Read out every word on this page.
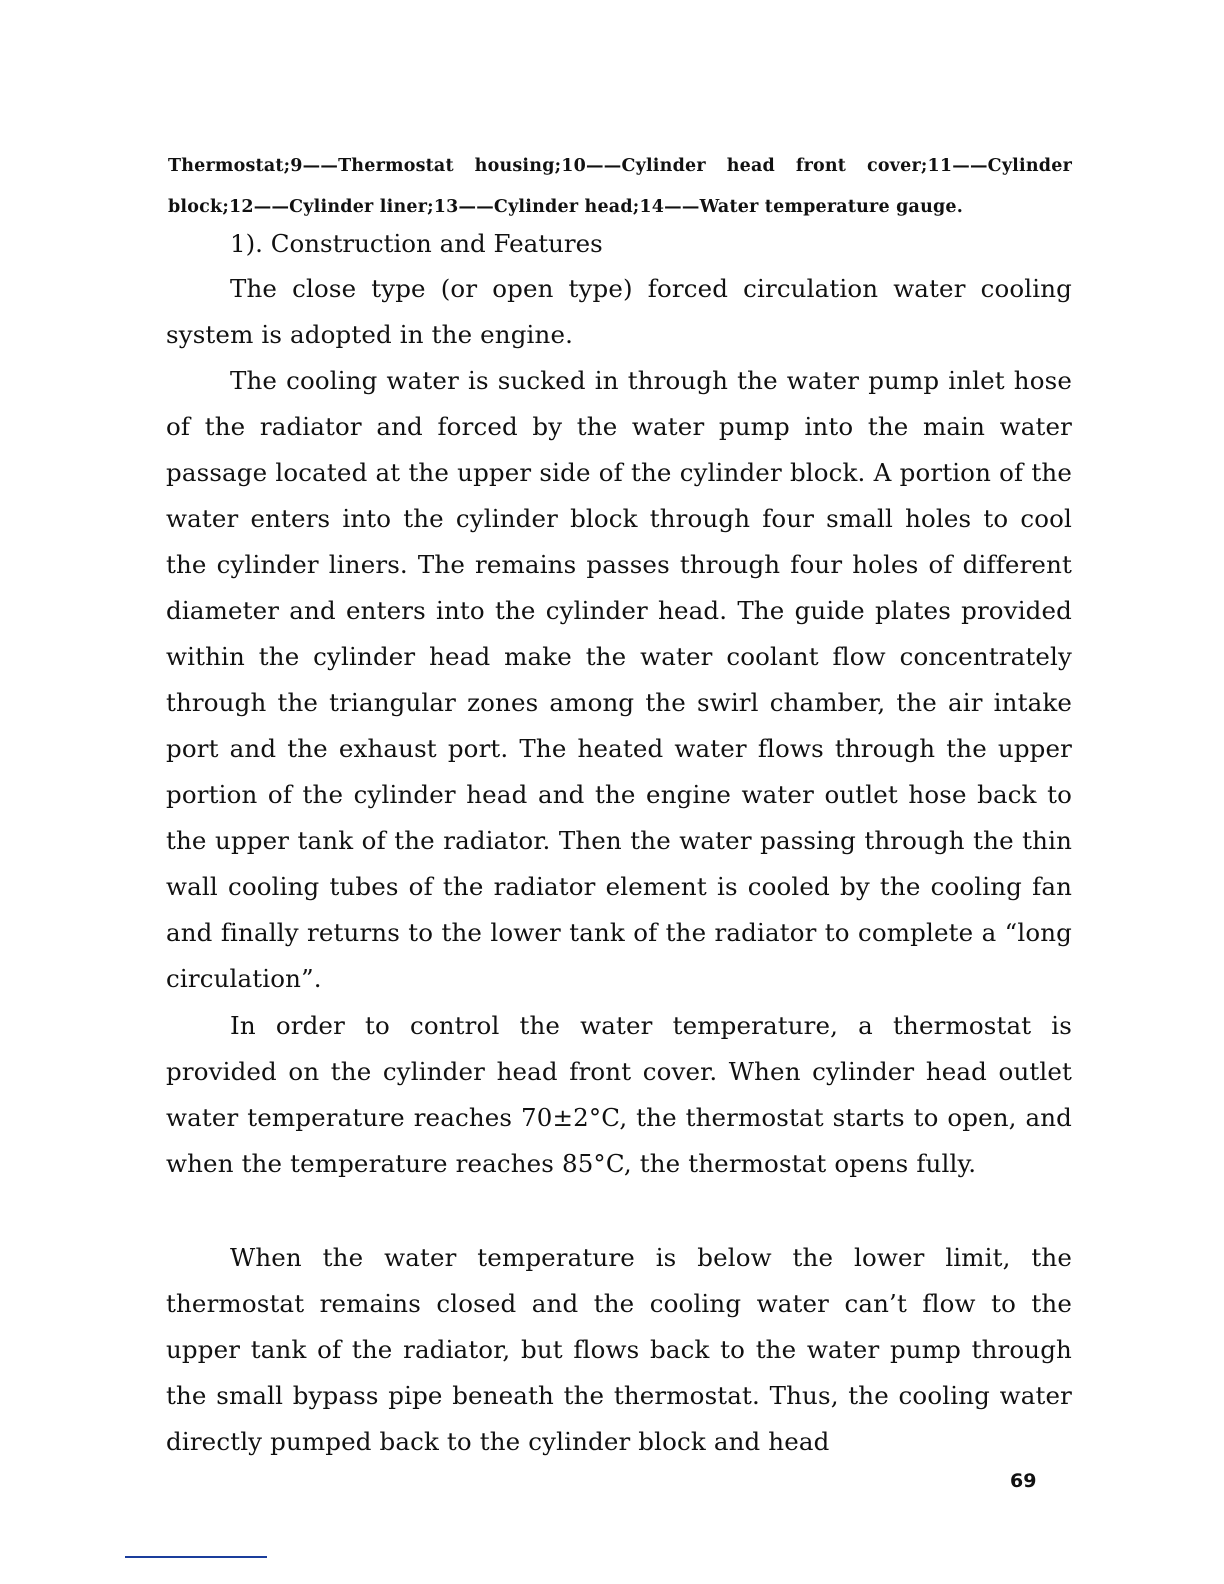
Thermostat;9——Thermostat housing;10——Cylinder head front cover;11——Cylinder block;12——Cylinder liner;13——Cylinder head;14——Water temperature gauge.
1). Construction and Features

The close type (or open type) forced circulation water cooling system is adopted in the engine.

The cooling water is sucked in through the water pump inlet hose of the radiator and forced by the water pump into the main water passage located at the upper side of the cylinder block. A portion of the water enters into the cylinder block through four small holes to cool the cylinder liners. The remains passes through four holes of different diameter and enters into the cylinder head. The guide plates provided within the cylinder head make the water coolant flow concentrately through the triangular zones among the swirl chamber, the air intake port and the exhaust port. The heated water flows through the upper portion of the cylinder head and the engine water outlet hose back to the upper tank of the radiator. Then the water passing through the thin wall cooling tubes of the radiator element is cooled by the cooling fan and finally returns to the lower tank of the radiator to complete a “long circulation”.

In order to control the water temperature, a thermostat is provided on the cylinder head front cover. When cylinder head outlet water temperature reaches 70±2°C, the thermostat starts to open, and when the temperature reaches 85°C, the thermostat opens fully.

When the water temperature is below the lower limit, the thermostat remains closed and the cooling water can’t flow to the upper tank of the radiator, but flows back to the water pump through the small bypass pipe beneath the thermostat. Thus, the cooling water directly pumped back to the cylinder block and head

69
